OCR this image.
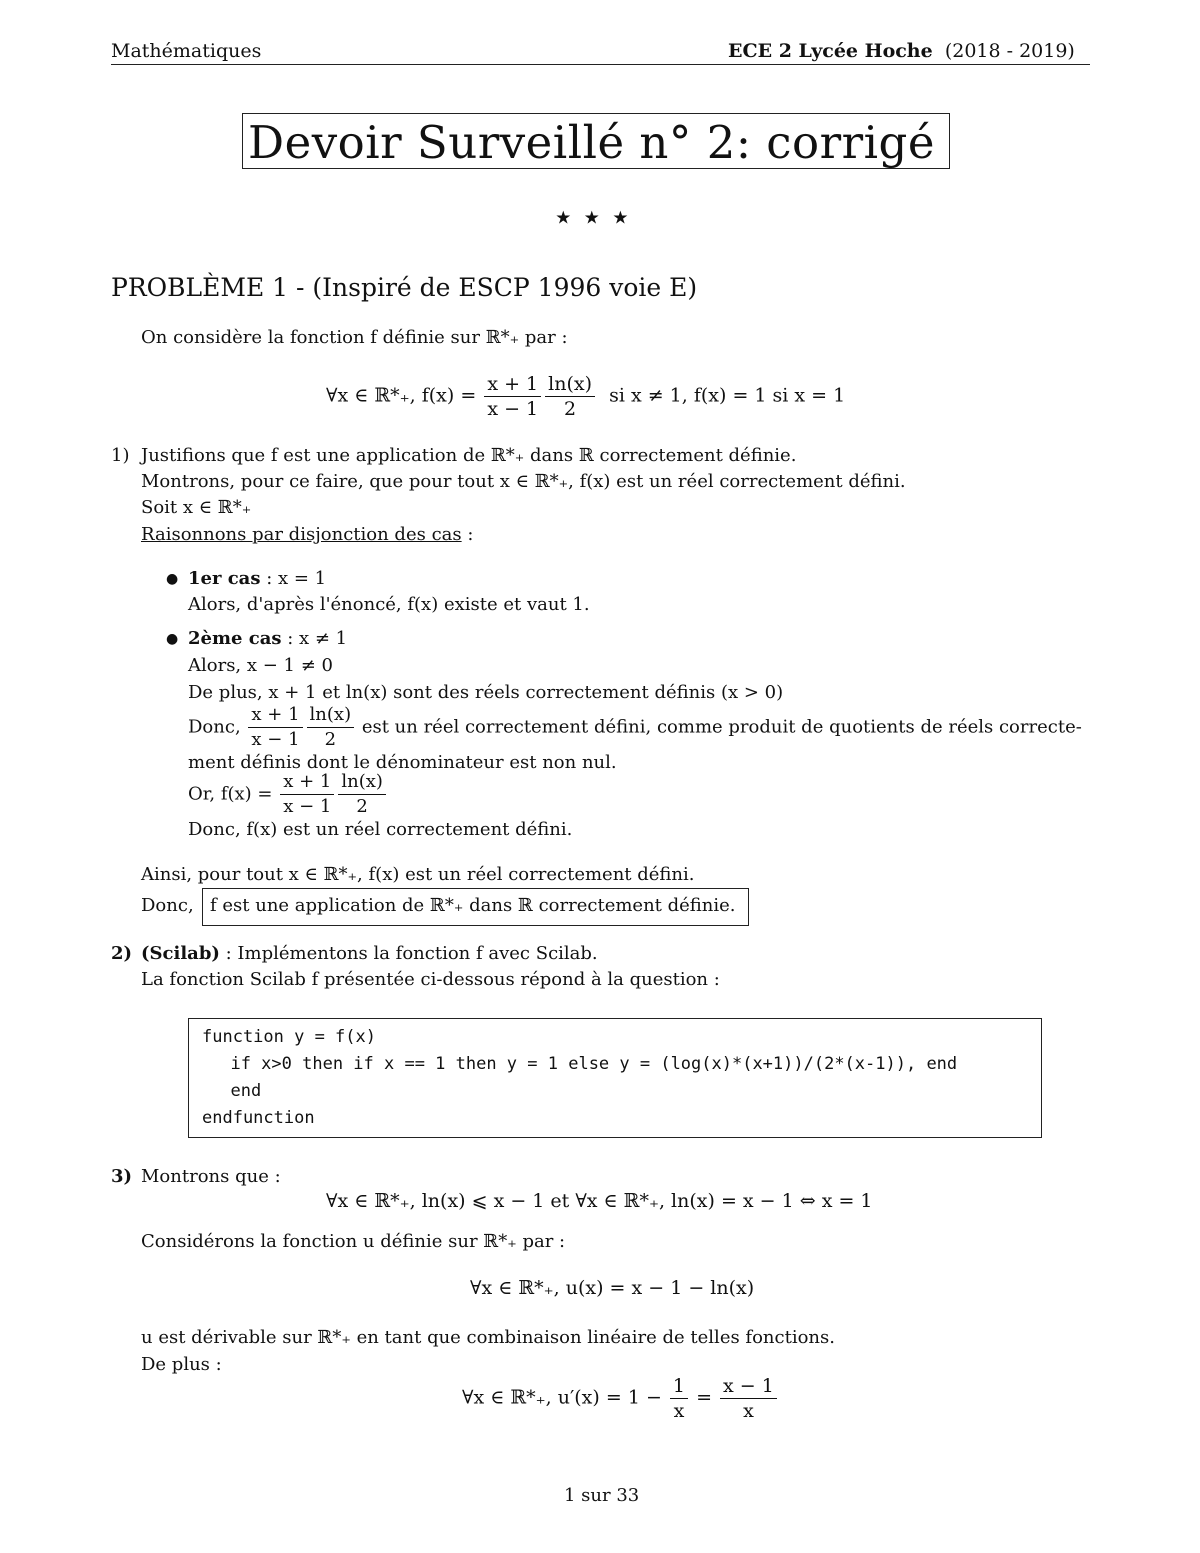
Mathématiques	ECE 2 Lycée Hoche (2018 - 2019)
Devoir Surveillé n° 2: corrigé
⋆⋆⋆
PROBLÈME 1 - (Inspiré de ESCP 1996 voie E)
On considère la fonction f définie sur ℝ*₊ par :
∀x ∈ ℝ*₊, $f(x) = \frac{x + 1}{x - 1} \frac{\ln(x)}{2}$ si x ≠ 1, f(x) = 1 si x = 1
1) Justifions que f est une application de ℝ*₊ dans ℝ correctement définie.
Montrons, pour ce faire, que pour tout x ∈ ℝ*₊, f(x) est un réel correctement défini.
Soit x ∈ ℝ*₊
Raisonnons par disjonction des cas :
● 1er cas : x = 1
Alors, d'après l'énoncé, f(x) existe et vaut 1.
● 2ème cas : x ≠ 1
Alors, x − 1 ≠ 0
De plus, x + 1 et ln(x) sont des réels correctement définis (x > 0)
Donc, $\frac{x + 1}{x - 1} \frac{\ln(x)}{2}$ est un réel correctement défini, comme produit de quotients de réels correcte-
ment définis dont le dénominateur est non nul.
Or, $f(x) = \frac{x + 1}{x - 1} \frac{\ln(x)}{2}$
Donc, f(x) est un réel correctement défini.
Ainsi, pour tout x ∈ ℝ*₊, f(x) est un réel correctement défini.
Donc, f est une application de ℝ*₊ dans ℝ correctement définie.
2) (Scilab) : Implémentons la fonction f avec Scilab.
La fonction Scilab f présentée ci-dessous répond à la question :
function y = f(x)
if x>0 then if x == 1 then y = 1 else y = (log(x)*(x+1))/(2*(x-1)), end
end
endfunction
3) Montrons que :
∀x ∈ ℝ*₊, ln(x) ⩽ x − 1 et ∀x ∈ ℝ*₊, ln(x) = x − 1 ⇔ x = 1
Considérons la fonction u définie sur ℝ*₊ par :
∀x ∈ ℝ*₊, u(x) = x − 1 − ln(x)
u est dérivable sur ℝ*₊ en tant que combinaison linéaire de telles fonctions.
De plus :
∀x ∈ ℝ*₊, $u'(x) = 1 - \frac{1}{x} = \frac{x - 1}{x}$
1 sur 33
